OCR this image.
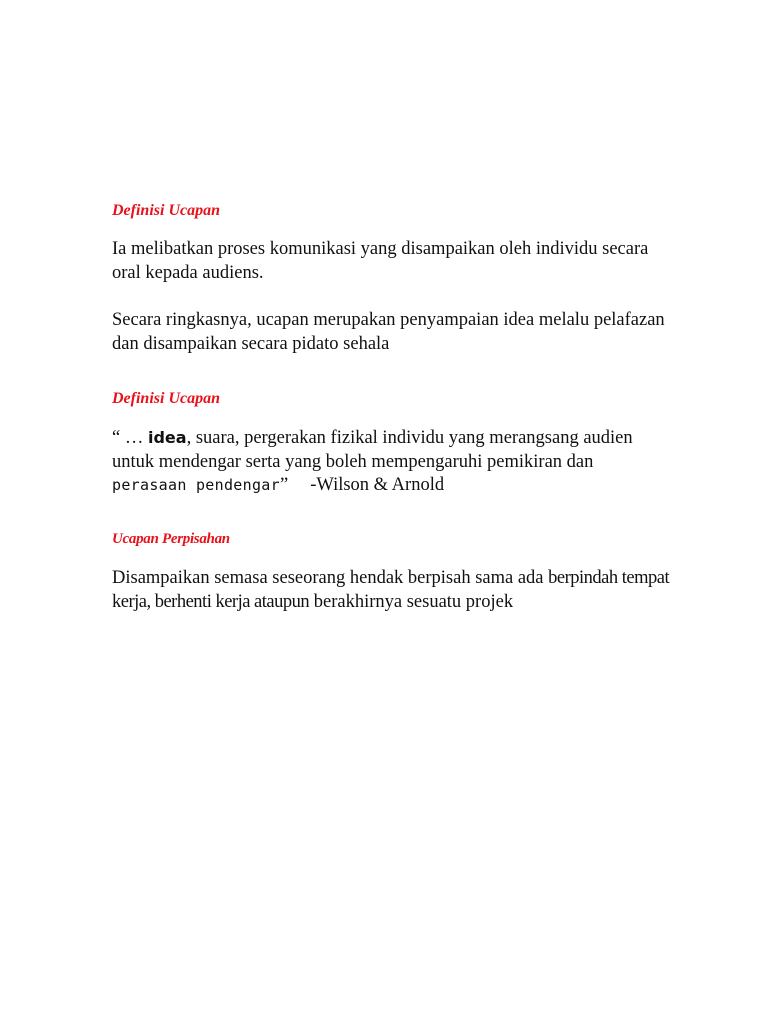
Definisi Ucapan

Ia melibatkan proses komunikasi yang disampaikan oleh individu secara oral kepada audiens.

Secara ringkasnya, ucapan merupakan penyampaian idea melalu pelafazan dan disampaikan secara pidato sehala

Definisi Ucapan

“ … idea, suara, pergerakan fizikal individu yang merangsang audien untuk mendengar serta yang boleh mempengaruhi pemikiran dan perasaan pendengar” -Wilson & Arnold

Ucapan Perpisahan

Disampaikan semasa seseorang hendak berpisah sama ada berpindah tempat kerja, berhenti kerja ataupun berakhirnya sesuatu projek
